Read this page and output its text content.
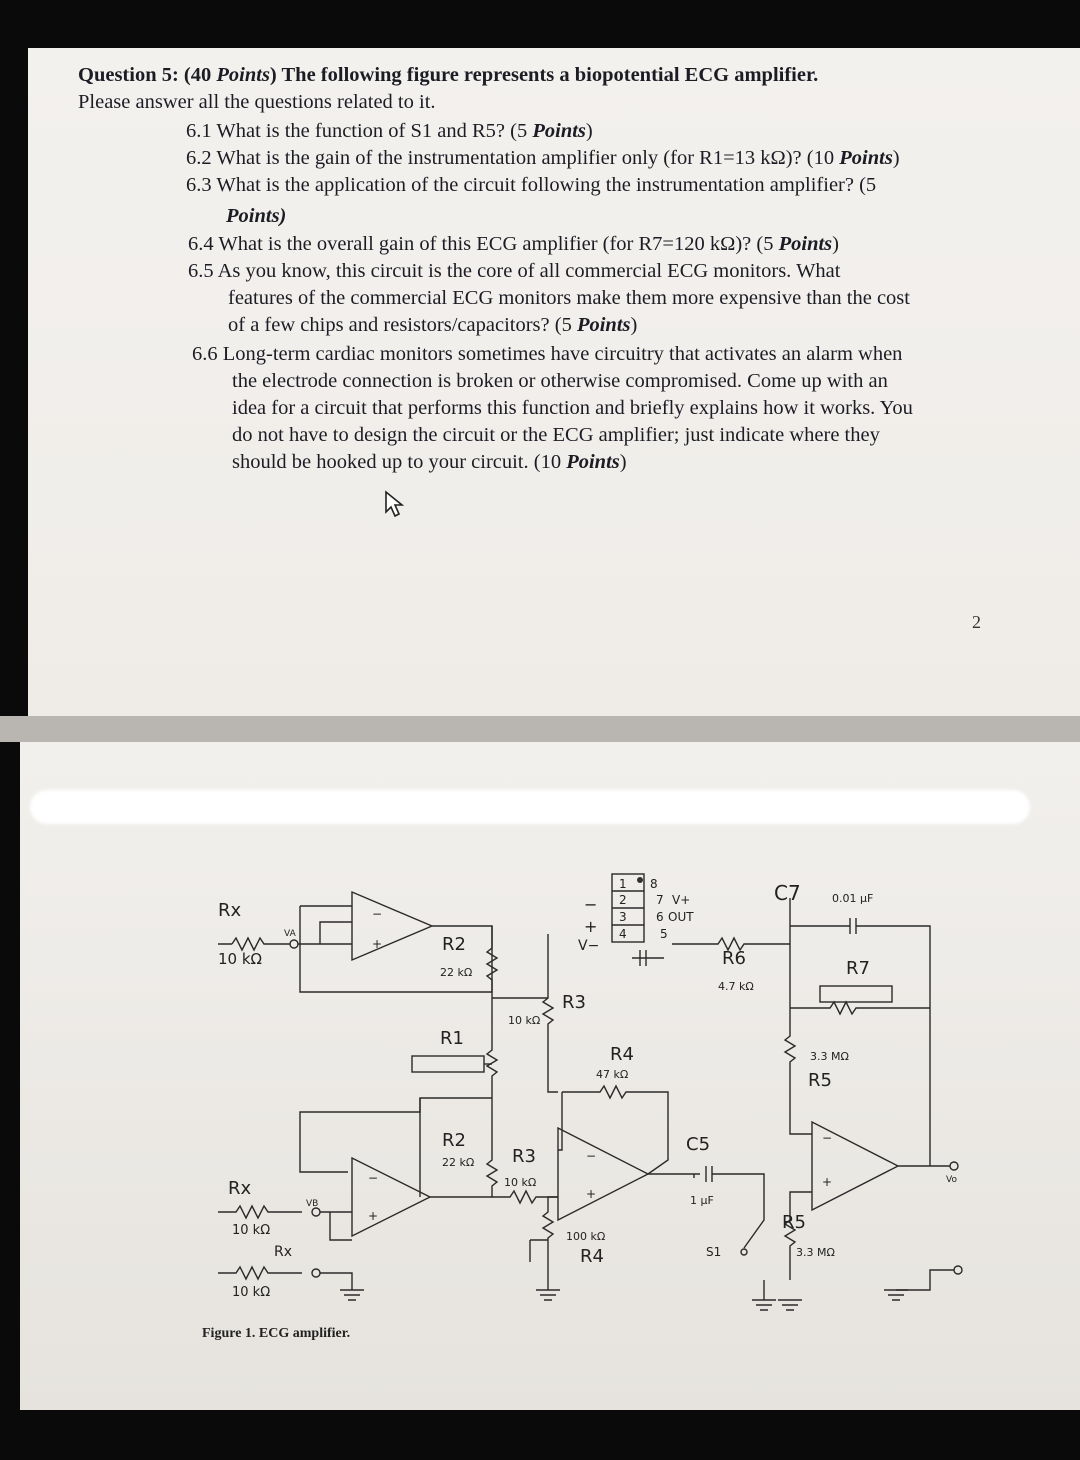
Question 5: (40 Points) The following figure represents a biopotential ECG amplifier.
Please answer all the questions related to it.
6.1 What is the function of S1 and R5? (5 Points)
6.2 What is the gain of the instrumentation amplifier only (for R1=13 kΩ)? (10 Points)
6.3 What is the application of the circuit following the instrumentation amplifier? (5
Points)
6.4 What is the overall gain of this ECG amplifier (for R7=120 kΩ)? (5 Points)
6.5 As you know, this circuit is the core of all commercial ECG monitors. What
features of the commercial ECG monitors make them more expensive than the cost
of a few chips and resistors/capacitors? (5 Points)
6.6 Long-term cardiac monitors sometimes have circuitry that activates an alarm when
the electrode connection is broken or otherwise compromised. Come up with an
idea for a circuit that performs this function and briefly explains how it works. You
do not have to design the circuit or the ECG amplifier; just indicate where they
should be hooked up to your circuit. (10 Points)
2
Rx
10 kΩ
VA	R2
22 kΩ
R1
R2
22 kΩ
10 kΩ
R3
R3
10 kΩ
R4
47 kΩ
100 kΩ
R4
R6
4.7 kΩ
C7	0.01 µF
R7
3.3 MΩ
R5
C5
1 µF
R5
3.3 MΩ
S1
Vo
Rx
10 kΩ
VB
Rx
10 kΩ
−
+
−
+
−
+
−
+
−
+
V−
1
2
3
4
8
7
6
5
V+
OUT
Figure 1. ECG amplifier.
